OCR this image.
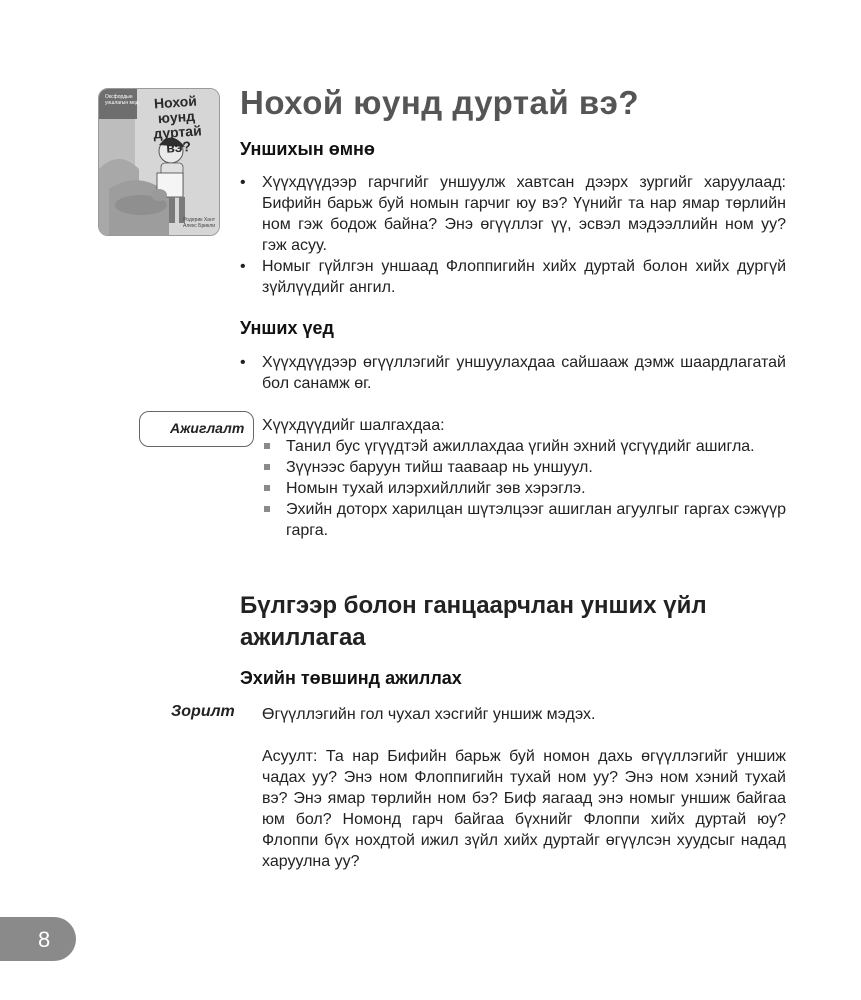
Оксфордын уншлагын мод	Нохой юунд дуртай вэ?
Родерик Хант Алекс Брикли
Нохой юунд дуртай вэ?
Уншихын өмнө
• Хүүхдүүдээр гарчгийг уншуулж хавтсан дээрх зургийг харуулаад: Бифийн барьж буй номын гарчиг юу вэ? Үүнийг та нар ямар төрлийн ном гэж бодож байна? Энэ өгүүллэг үү, эсвэл мэдээллийн ном уу? гэж асуу.
• Номыг гүйлгэн уншаад Флоппигийн хийх дуртай болон хийх дургүй зүйлүүдийг ангил.
Унших үед
• Хүүхдүүдээр өгүүллэгийг уншуулахдаа сайшааж дэмж шаардлагатай бол санамж өг.
Ажиглалт Хүүхдүүдийг шалгахдаа:

Танил бус үгүүдтэй ажиллахдаа үгийн эхний үсгүүдийг ашигла.
Зүүнээс баруун тийш таавaар нь уншуул.
Номын тухай илэрхийллийг зөв хэрэглэ.
Эхийн доторх харилцан шүтэлцээг ашиглан агуулгыг гаргах сэжүүр гарга.
Бүлгээр болон ганцаарчлан унших үйл ажиллагаа
Эхийн төвшинд ажиллах

Зорилт Өгүүллэгийн гол чухал хэсгийг уншиж мэдэх.

Асуулт: Та нар Бифийн барьж буй номон дахь өгүүллэгийг уншиж чадах уу? Энэ ном Флоппигийн тухай ном уу? Энэ ном хэний тухай вэ? Энэ ямар төрлийн ном бэ? Биф яагаад энэ номыг уншиж байгаа юм бол? Номонд гарч байгаа бүхнийг Флоппи хийх дуртай юу? Флоппи бүх нохдтой ижил зүйл хийх дуртайг өгүүлсэн хуудсыг надад харуулна уу?

8
